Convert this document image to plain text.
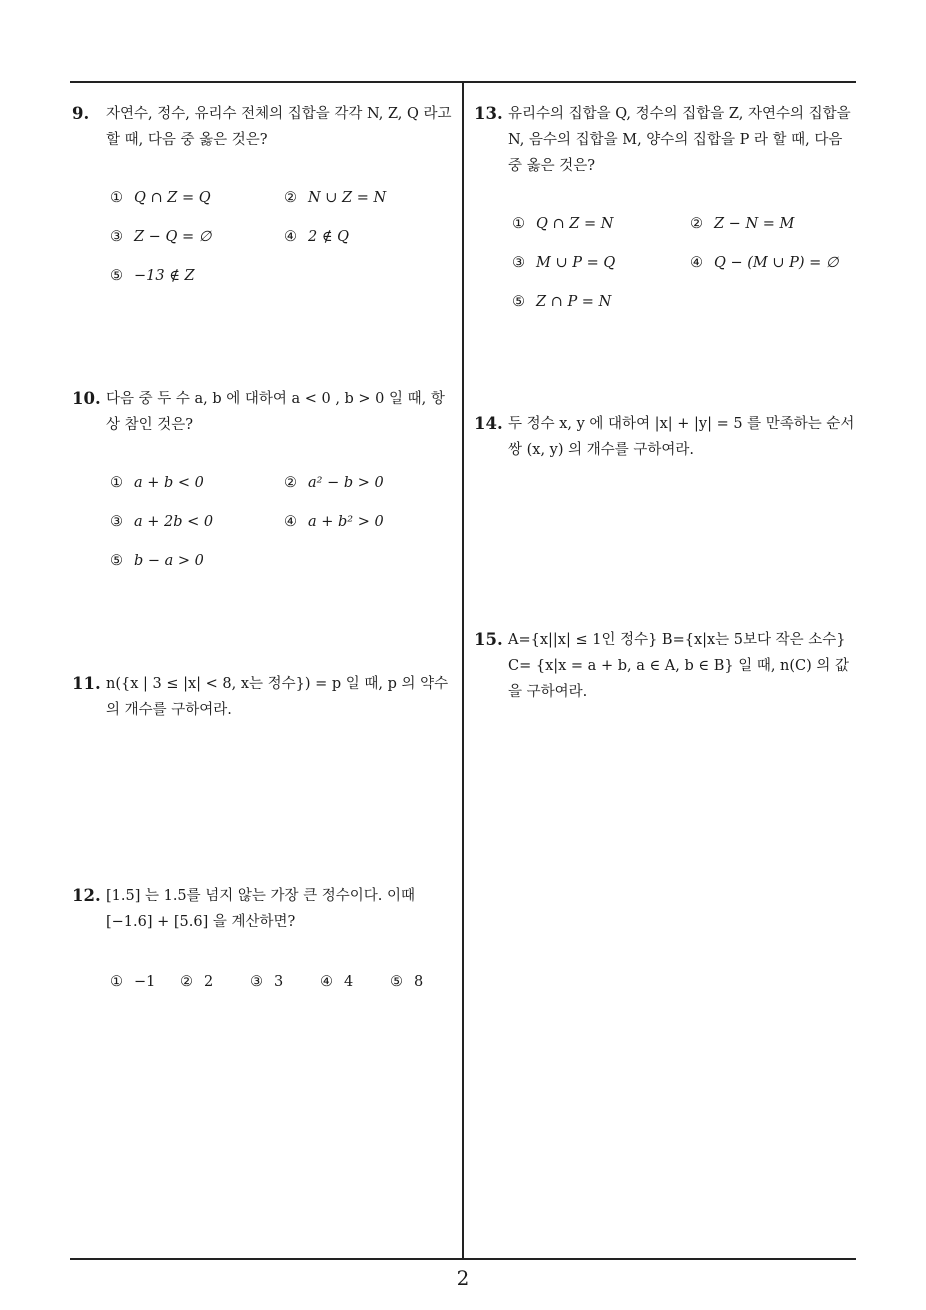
9. 자연수, 정수, 유리수 전체의 집합을 각각 N, Z, Q 라고 할 때, 다음 중 옳은 것은?
① Q ∩ Z = Q	② N ∪ Z = N
③ Z − Q = ∅	④ 2 ∉ Q
⑤ −13 ∉ Z
10. 다음 중 두 수 a, b 에 대하여 a < 0 , b > 0 일 때, 항상 참인 것은?
① a + b < 0	② a² − b > 0
③ a + 2b < 0	④ a + b² > 0
⑤ b − a > 0
11. n({x | 3 ≤ |x| < 8, x는 정수}) = p 일 때, p 의 약수의 개수를 구하여라.
12. [1.5] 는 1.5를 넘지 않는 가장 큰 정수이다. 이때 [−1.6] + [5.6] 을 계산하면?
① −1 ② 2	③ 3	④ 4	⑤ 8
13. 유리수의 집합을 Q, 정수의 집합을 Z, 자연수의 집합을 N, 음수의 집합을 M, 양수의 집합을 P 라 할 때, 다음 중 옳은 것은?
① Q ∩ Z = N	② Z − N = M
③ M ∪ P = Q	④ Q − (M ∪ P) = ∅
⑤ Z ∩ P = N
14. 두 정수 x, y 에 대하여 |x| + |y| = 5 를 만족하는 순서쌍 (x, y) 의 개수를 구하여라.
15. A={x||x| ≤ 1인 정수} B={x|x는 5보다 작은 소수} C= {x|x = a + b, a ∈ A, b ∈ B} 일 때, n(C) 의 값을 구하여라.
2
